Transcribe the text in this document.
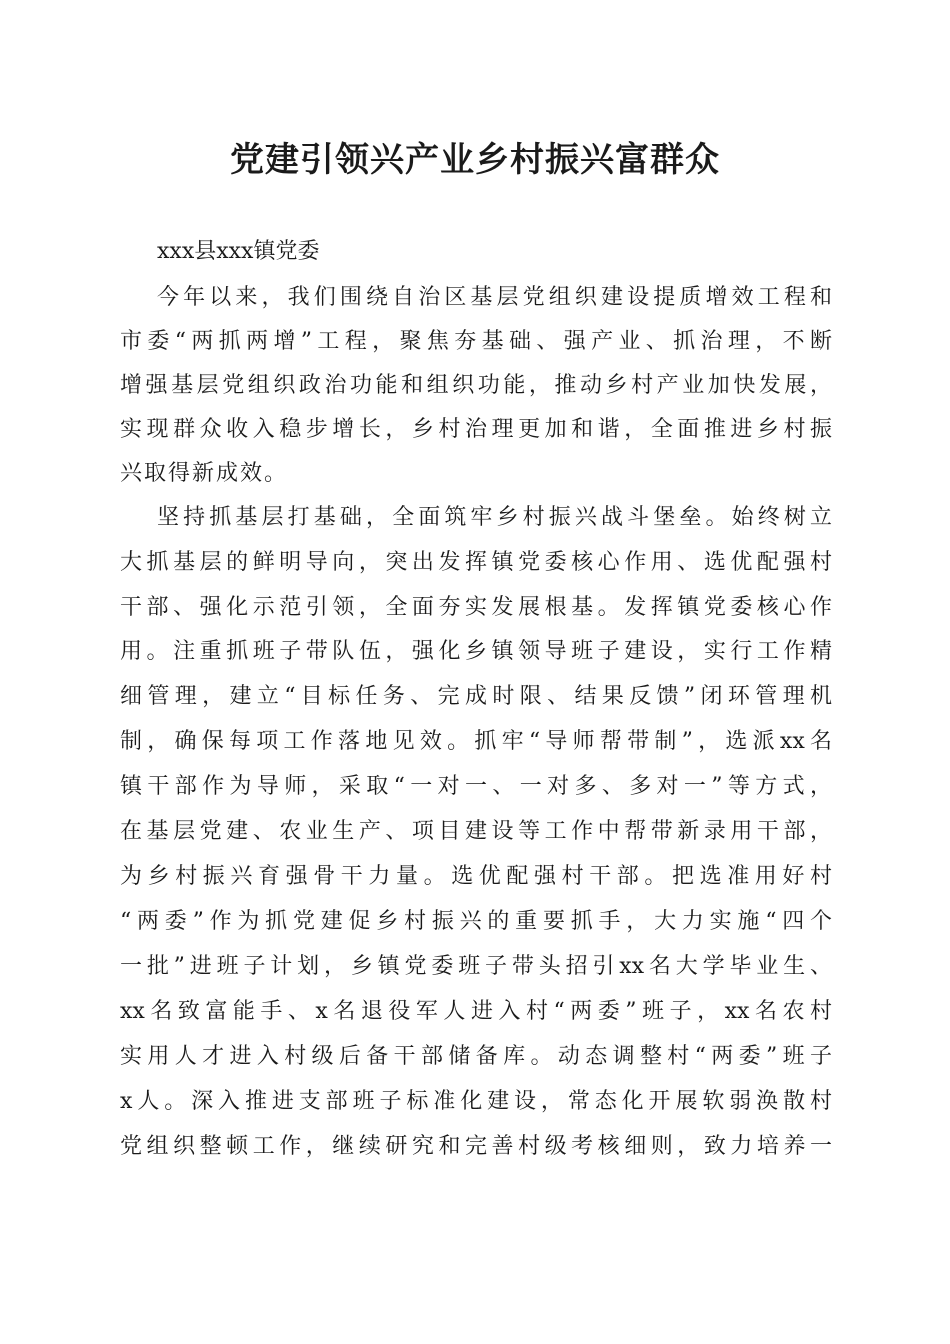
党建引领兴产业乡村振兴富群众

xxx县xxx镇党委

今年以来，我们围绕自治区基层党组织建设提质增效工程和

市委“两抓两增”工程，聚焦夯基础、强产业、抓治理，不断

增强基层党组织政治功能和组织功能，推动乡村产业加快发展，

实现群众收入稳步增长，乡村治理更加和谐，全面推进乡村振

兴取得新成效。

坚持抓基层打基础，全面筑牢乡村振兴战斗堡垒。始终树立

大抓基层的鲜明导向，突出发挥镇党委核心作用、选优配强村

干部、强化示范引领，全面夯实发展根基。发挥镇党委核心作

用。注重抓班子带队伍，强化乡镇领导班子建设，实行工作精

细管理，建立“目标任务、完成时限、结果反馈”闭环管理机

制，确保每项工作落地见效。抓牢“导师帮带制”，选派xx名

镇干部作为导师，采取“一对一、一对多、多对一”等方式，

在基层党建、农业生产、项目建设等工作中帮带新录用干部，

为乡村振兴育强骨干力量。选优配强村干部。把选准用好村

“两委”作为抓党建促乡村振兴的重要抓手，大力实施“四个

一批”进班子计划，乡镇党委班子带头招引xx名大学毕业生、

xx名致富能手、x名退役军人进入村“两委”班子，xx名农村

实用人才进入村级后备干部储备库。动态调整村“两委”班子

x人。深入推进支部班子标准化建设，常态化开展软弱涣散村

党组织整顿工作，继续研究和完善村级考核细则，致力培养一
